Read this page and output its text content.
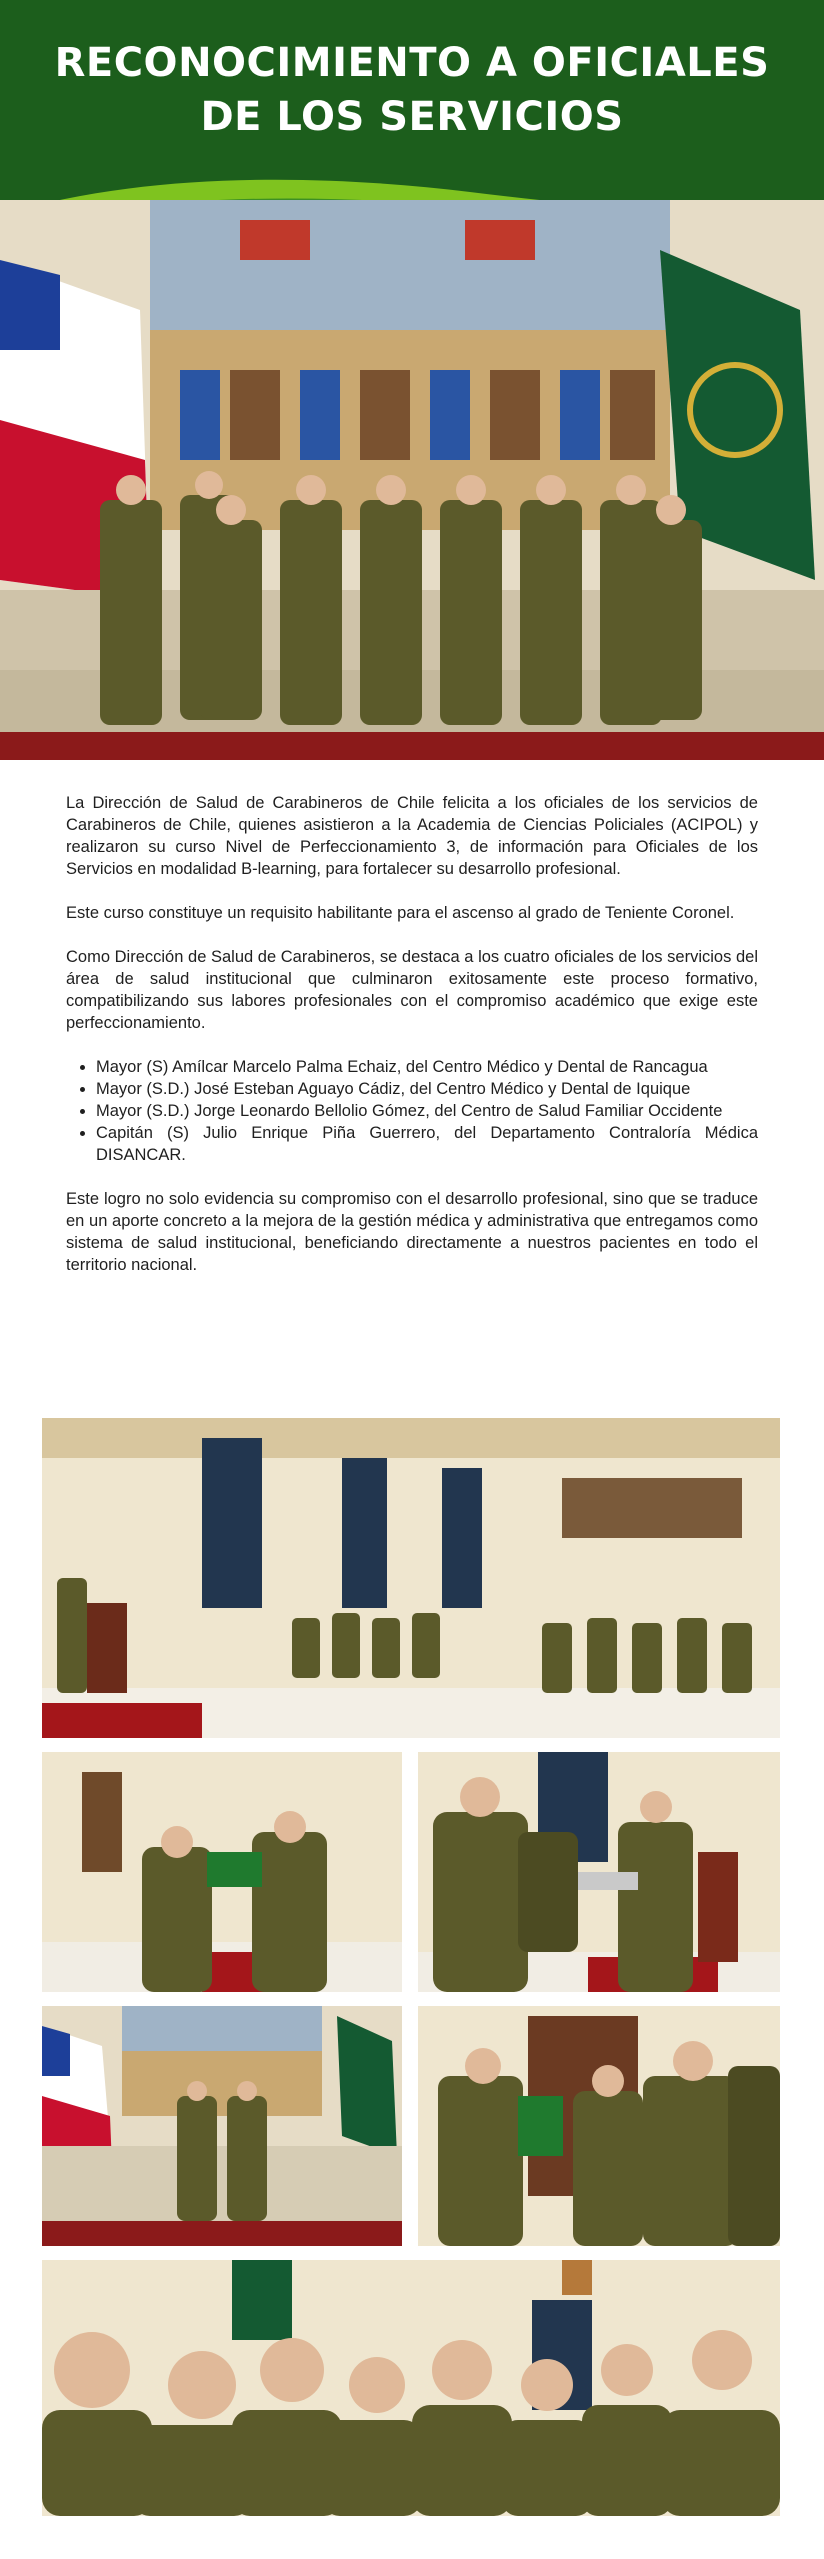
RECONOCIMIENTO A OFICIALES
DE LOS SERVICIOS

La Dirección de Salud de Carabineros de Chile felicita a los oficiales de los servicios de Carabineros de Chile, quienes asistieron a la Academia de Ciencias Policiales (ACIPOL) y realizaron su curso Nivel de Perfeccionamiento 3, de información para Oficiales de los Servicios en modalidad B-learning, para fortalecer su desarrollo profesional.

Este curso constituye un requisito habilitante para el ascenso al grado de Teniente Coronel.

Como Dirección de Salud de Carabineros, se destaca a los cuatro oficiales de los servicios del área de salud institucional que culminaron exitosamente este proceso formativo, compatibilizando sus labores profesionales con el compromiso académico que exige este perfeccionamiento.

• Mayor (S) Amílcar Marcelo Palma Echaiz, del Centro Médico y Dental de Rancagua
• Mayor (S.D.) José Esteban Aguayo Cádiz, del Centro Médico y Dental de Iquique
• Mayor (S.D.) Jorge Leonardo Bellolio Gómez, del Centro de Salud Familiar Occidente
• Capitán (S) Julio Enrique Piña Guerrero, del Departamento Contraloría Médica DISANCAR.

Este logro no solo evidencia su compromiso con el desarrollo profesional, sino que se traduce en un aporte concreto a la mejora de la gestión médica y administrativa que entregamos como sistema de salud institucional, beneficiando directamente a nuestros pacientes en todo el territorio nacional.
